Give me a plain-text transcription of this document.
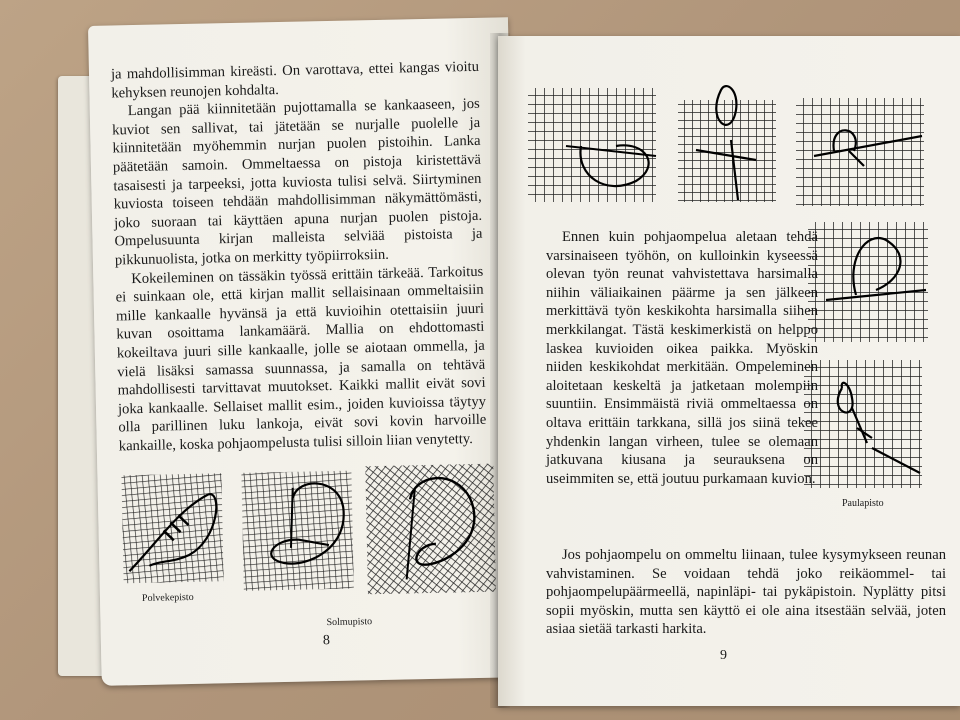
ja mahdollisimman kireästi. On varottava, ettei kangas vioitu kehyksen reunojen kohdalta.

Langan pää kiinnitetään pujottamalla se kankaaseen, jos kuviot sen sallivat, tai jätetään se nurjalle puolelle ja kiinnitetään myöhemmin nurjan puolen pistoihin. Lanka päätetään samoin. Ommeltaessa on pistoja kiristettävä tasaisesti ja tarpeeksi, jotta kuviosta tulisi selvä. Siirtyminen kuviosta toiseen tehdään mahdollisimman näkymättömästi, joko suoraan tai käyttäen apuna nurjan puolen pistoja. Ompelusuunta kirjan malleista selviää pistoista ja pikkunuolista, jotka on merkitty työpiirroksiin.

Kokeileminen on tässäkin työssä erittäin tärkeää. Tarkoitus ei suinkaan ole, että kirjan mallit sellaisinaan ommeltaisiin mille kankaalle hyvänsä ja että kuvioihin otettaisiin juuri kuvan osoittama lankamäärä. Mallia on ehdottomasti kokeiltava juuri sille kankaalle, jolle se aiotaan ommella, ja vielä lisäksi samassa suunnassa, ja samalla on tehtävä mahdollisesti tarvittavat muutokset. Kaikki mallit eivät sovi joka kankaalle. Sellaiset mallit esim., joiden kuvioissa täytyy olla parillinen luku lankoja, eivät sovi kovin harvoille kankaille, koska pohjaompelusta tulisi silloin liian venytetty.

Polvekepisto
Solmupisto
8
Paulapisto

Ennen kuin pohjaompelua aletaan tehdä varsinaiseen työhön, on kulloinkin kyseessä olevan työn reunat vahvistettava harsimalla niihin väliaikainen päärme ja sen jälkeen merkittävä työn keskikohta harsimalla siihen merkkilangat. Tästä keskimerkistä on helppo laskea kuvioiden oikea paikka. Myöskin niiden keskikohdat merkitään. Ompeleminen aloitetaan keskeltä ja jatketaan molempiin suuntiin. Ensimmäistä riviä ommeltaessa on oltava erittäin tarkkana, sillä jos siinä tekee yhdenkin langan virheen, tulee se olemaan jatkuvana kiusana ja seurauksena on useimmiten se, että joutuu purkamaan kuvion.

Jos pohjaompelu on ommeltu liinaan, tulee kysymykseen reunan vahvistaminen. Se voidaan tehdä joko reikäommel- tai pohjaompelupäärmeellä, napinläpi- tai pykäpistoin. Nyplätty pitsi sopii myöskin, mutta sen käyttö ei ole aina itsestään selvää, joten asiaa sietää tarkasti harkita.

9
